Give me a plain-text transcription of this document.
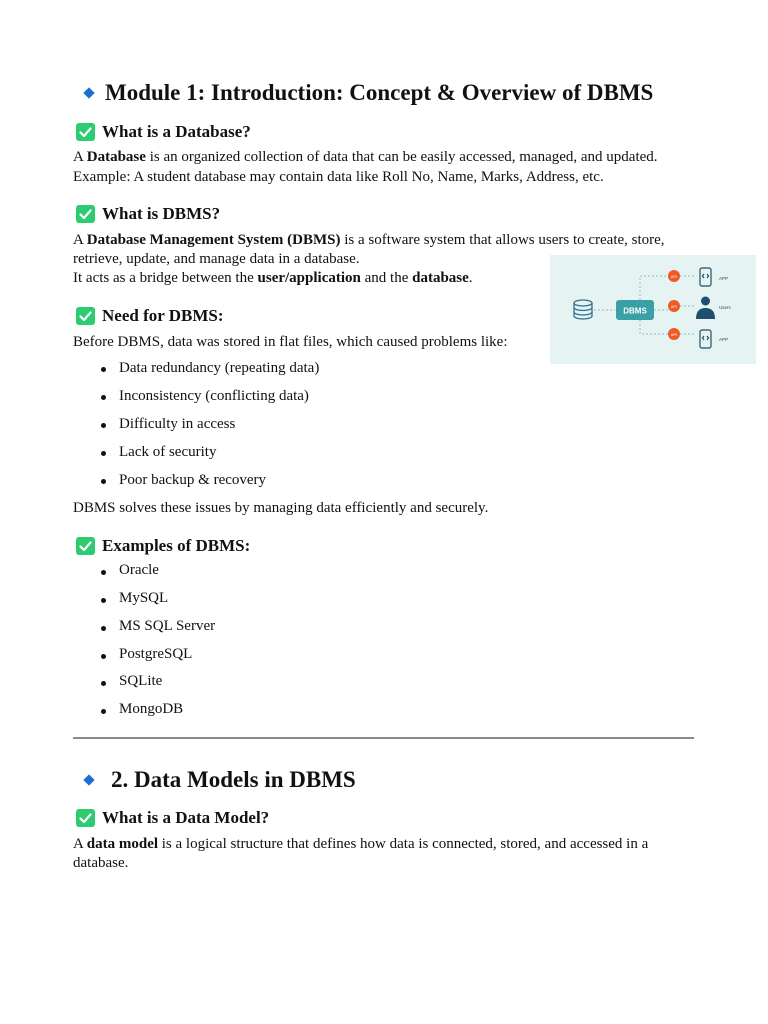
Module 1: Introduction: Concept & Overview of DBMS
What is a Database?
A Database is an organized collection of data that can be easily accessed, managed, and updated.
Example: A student database may contain data like Roll No, Name, Marks, Address, etc.
What is DBMS?
A Database Management System (DBMS) is a software system that allows users to create, store,
retrieve, update, and manage data in a database.
It acts as a bridge between the user/application and the database.
DBMS
API
API
API
APP
Users
APP
Need for DBMS:
Before DBMS, data was stored in flat files, which caused problems like:
Data redundancy (repeating data)
Inconsistency (conflicting data)
Difficulty in access
Lack of security
Poor backup & recovery
DBMS solves these issues by managing data efficiently and securely.
Examples of DBMS:
Oracle
MySQL
MS SQL Server
PostgreSQL
SQLite
MongoDB
2. Data Models in DBMS
What is a Data Model?
A data model is a logical structure that defines how data is connected, stored, and accessed in a
database.
